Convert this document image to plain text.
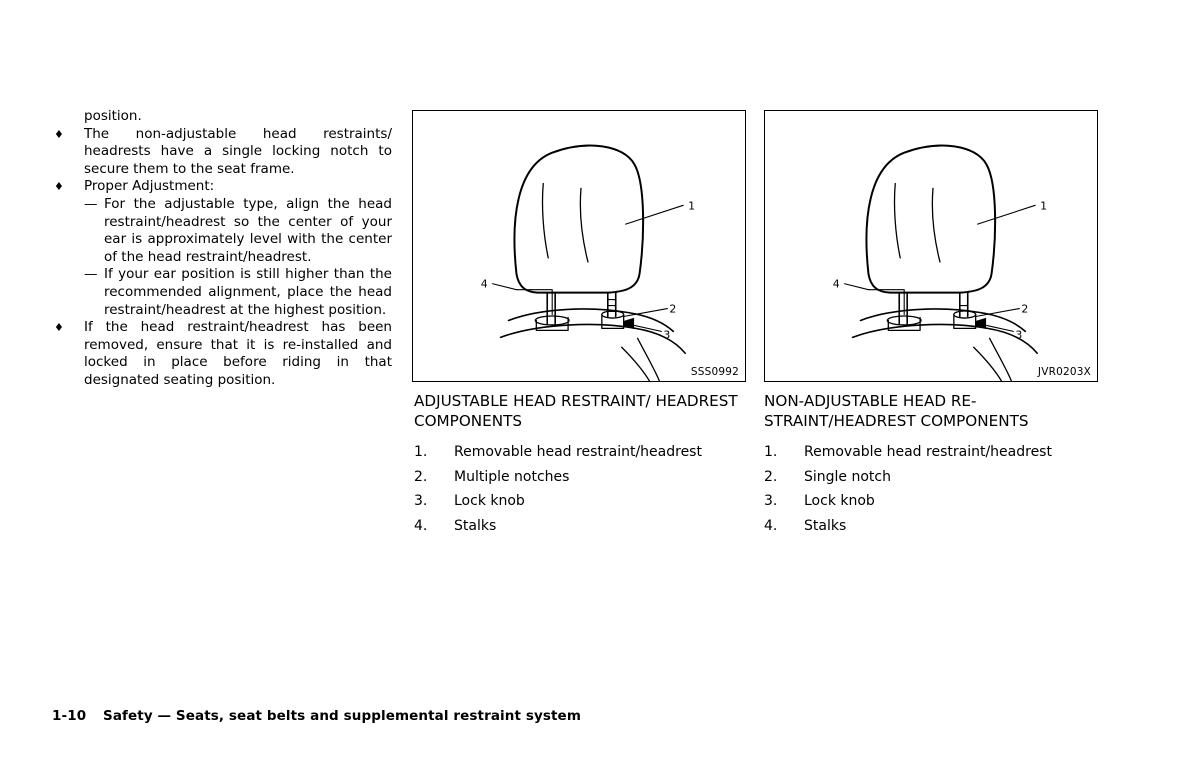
position.

♦ The non-adjustable head restraints/ headrests have a single locking notch to secure them to the seat frame.
♦ Proper Adjustment:
— For the adjustable type, align the head restraint/headrest so the center of your ear is approximately level with the center of the head restraint/headrest.
— If your ear position is still higher than the recommended alignment, place the head restraint/headrest at the highest position.
♦ If the head restraint/headrest has been removed, ensure that it is re-installed and locked in place before riding in that designated seating position.
1
2
3
4
SSS0992
1
2
3
4
JVR0203X

ADJUSTABLE HEAD RESTRAINT/ HEADREST COMPONENTS

1. Removable head restraint/headrest
2. Multiple notches
3. Lock knob
4. Stalks

NON-ADJUSTABLE HEAD RE- STRAINT/HEADREST COMPONENTS

1. Removable head restraint/headrest
2. Single notch
3. Lock knob
4. Stalks
1-10 Safety — Seats, seat belts and supplemental restraint system
